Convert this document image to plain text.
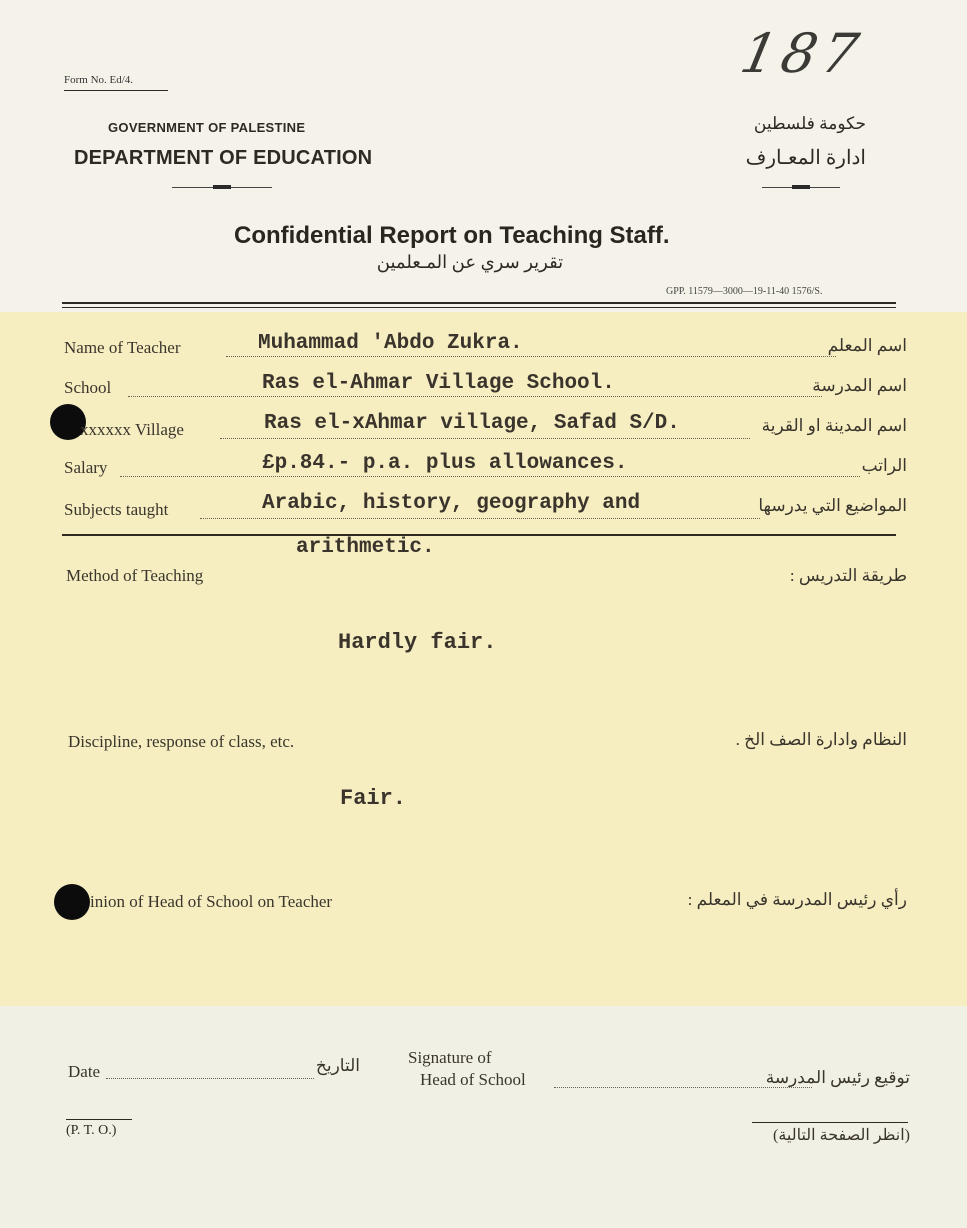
187
Form No. Ed/4.
GOVERNMENT OF PALESTINE
DEPARTMENT OF EDUCATION
حكومة فلسطين
ادارة المعـارف
Confidential Report on Teaching Staff.
تقرير سري عن المـعلمين
GPP. 11579—3000—19-11-40 1576/S.
Name of Teacher	Muhammad 'Abdo Zukra.	اسم المعلم
School	Ras el-Ahmar Village School.	اسم المدرسة
xxxxxx Village	Ras el-xAhmar village, Safad S/D.	اسم المدينة او القرية
Salary	£p.84.- p.a. plus allowances.	الراتب
Subjects taught	Arabic, history, geography and	المواضيع التي يدرسها
arithmetic.
Method of Teaching	طريقة التدريس :
Hardly fair.
Discipline, response of class, etc.	النظام وادارة الصف الخ .
Fair.
inion of Head of School on Teacher	رأي رئيس المدرسة في المعلم :
Date	التاريخ	Signature of
Head of School	توقيع رئيس المدرسة
(P. T. O.)	(انظر الصفحة التالية)
